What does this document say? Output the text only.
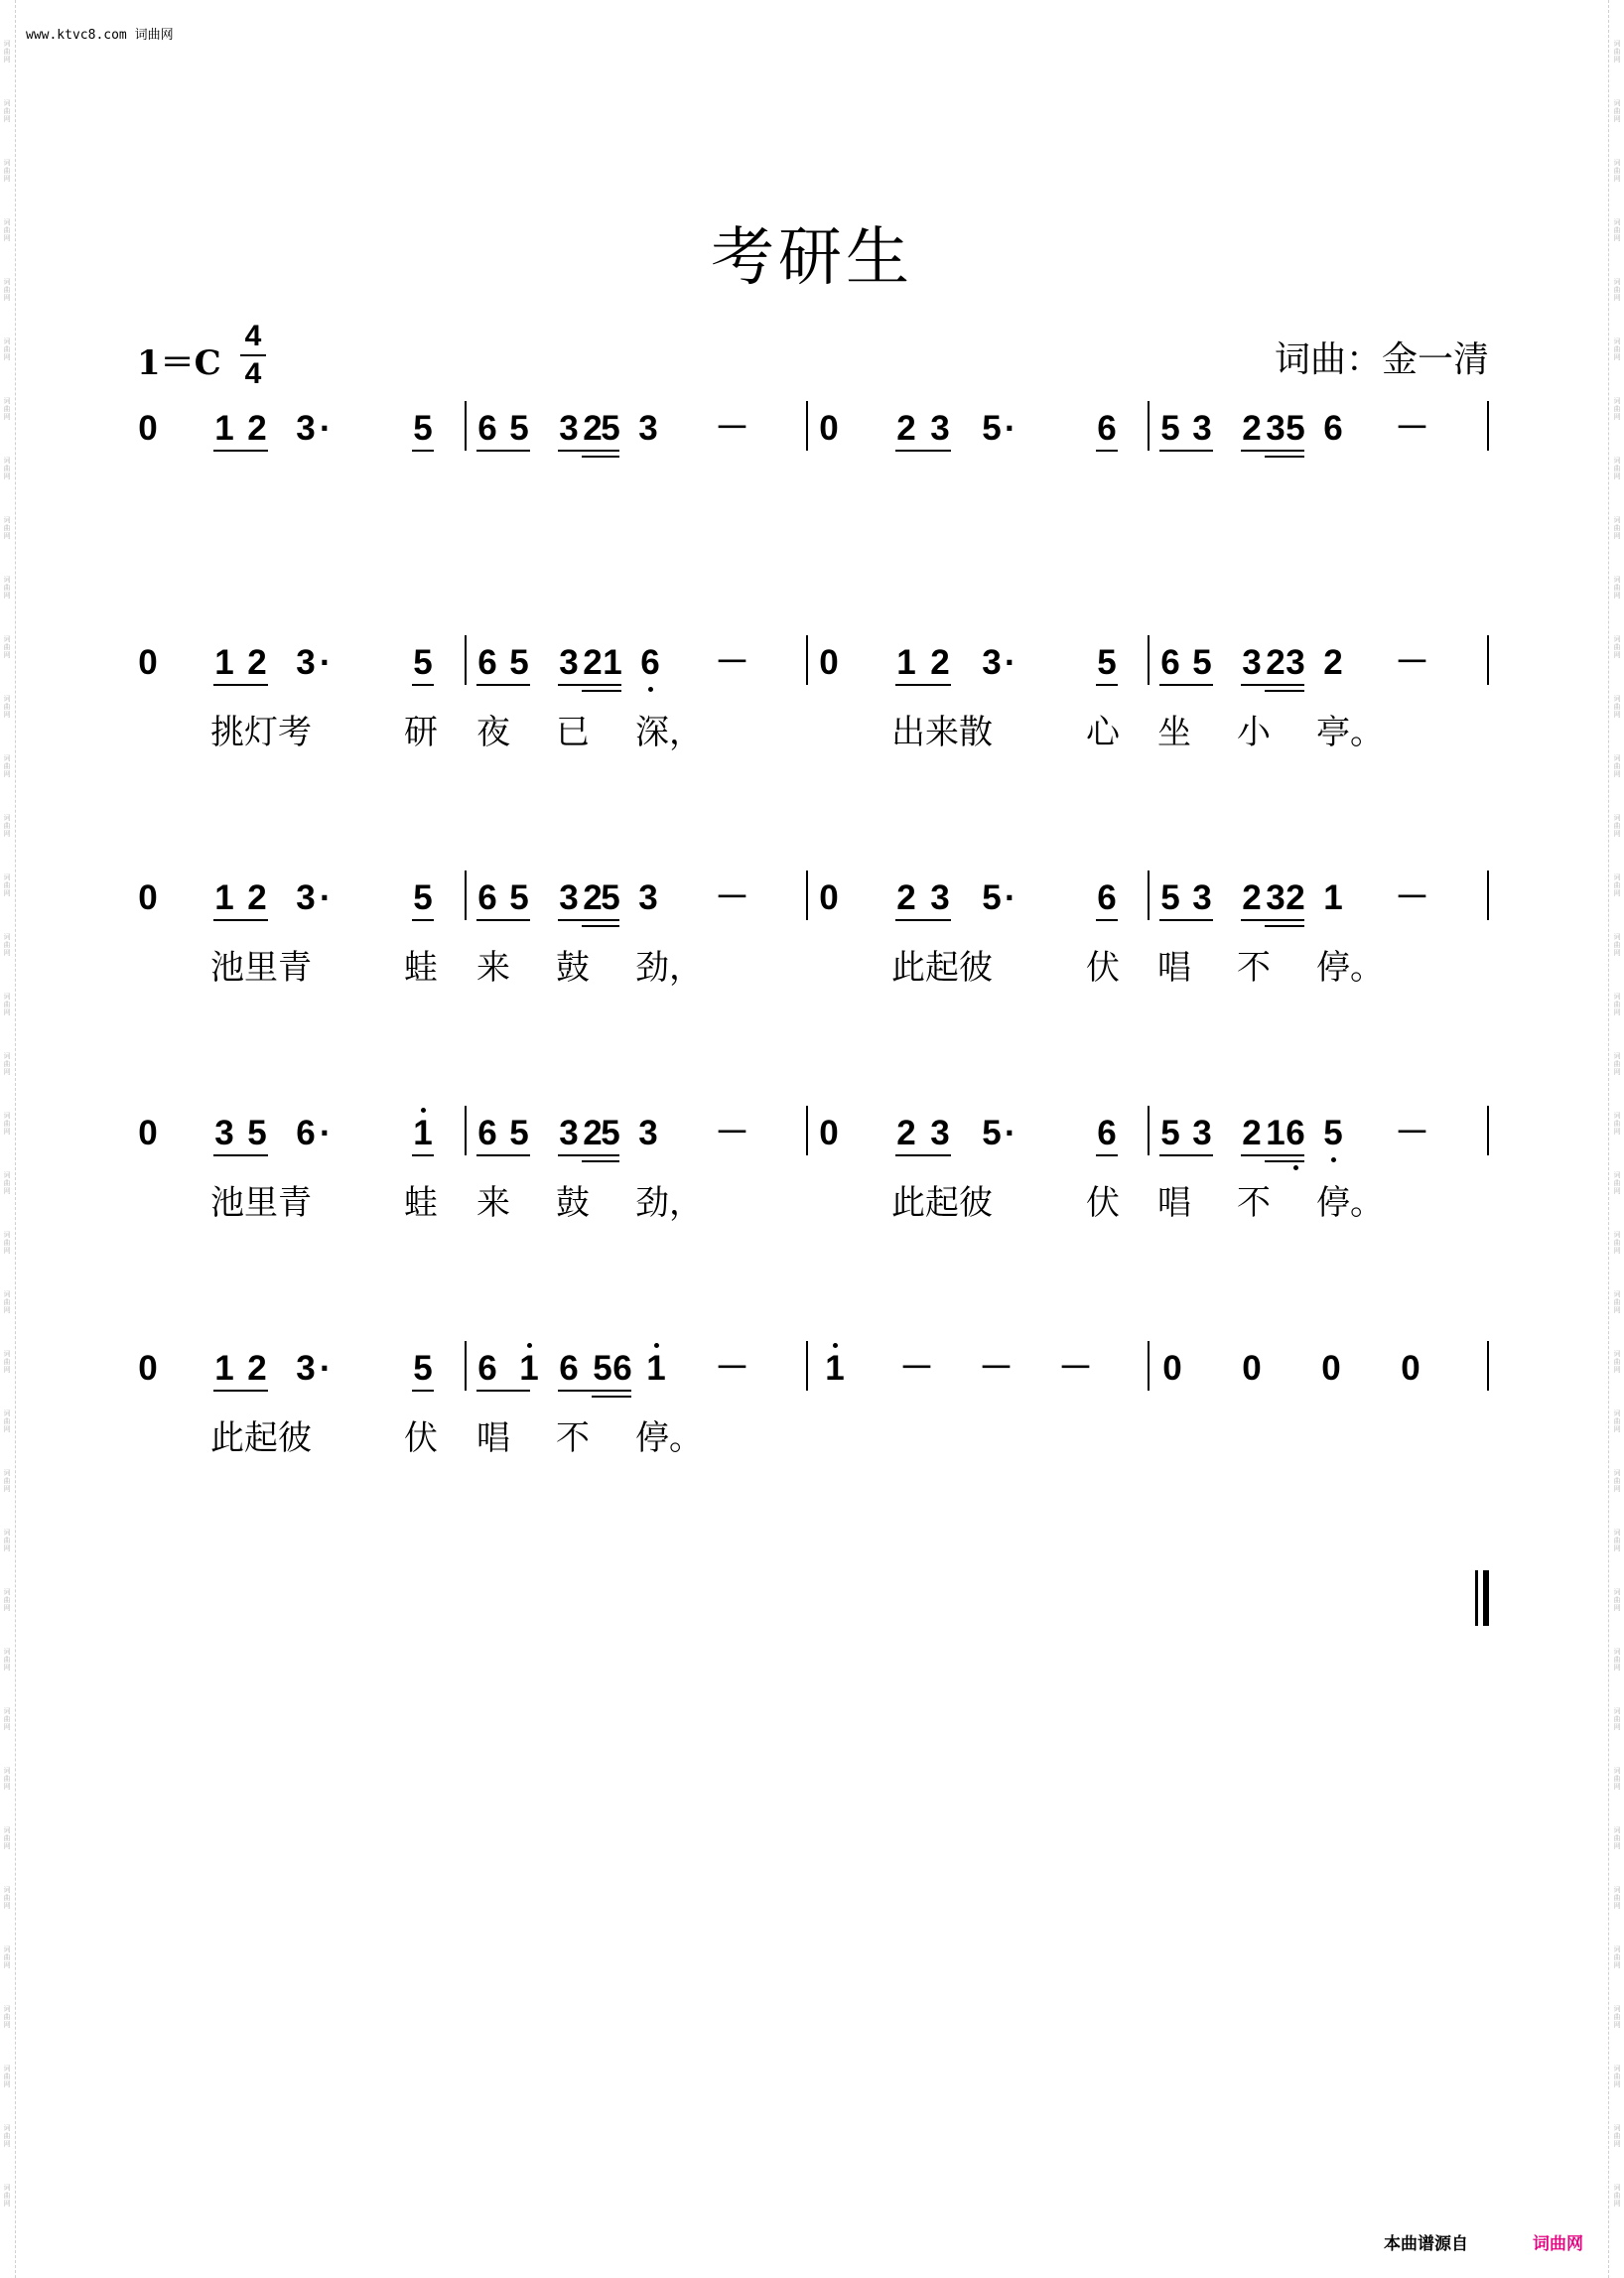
词曲网
词曲网
词曲网
词曲网
词曲网
词曲网
词曲网
词曲网
词曲网
词曲网
词曲网
词曲网
词曲网
词曲网
词曲网
词曲网
词曲网
词曲网
词曲网
词曲网
词曲网
词曲网
词曲网
词曲网
词曲网
词曲网
词曲网
词曲网
词曲网
词曲网
词曲网
词曲网
词曲网
词曲网
词曲网
词曲网
词曲网
词曲网
词曲网
词曲网
词曲网
词曲网
词曲网
词曲网
词曲网
词曲网
词曲网
词曲网
词曲网
词曲网
词曲网
词曲网
词曲网
词曲网
词曲网
词曲网
词曲网
词曲网
词曲网
词曲网
词曲网
词曲网
词曲网
词曲网
词曲网
词曲网
词曲网
词曲网
词曲网
词曲网
词曲网
词曲网
词曲网
词曲网
www.ktvc8.com 词曲网
考研生
1＝C
4
4	词曲：金一清
0 1 2 3 · 5 6 5 3 2
5 3 － 0 2 3 5 · 6 5 3 2 3 5 6 －
0 1 2 3 · 5 6 5 3 2 1 6 － 0 1 2 3 · 5 6 5 3 2 3 2 －
挑灯考	研 夜 已 深，	出来散	心 坐 小 亭。
0 1 2 3 · 5 6 5 3 2
5 3 － 0 2 3 5 · 6 5 3 2 3 2 1 －
池里青	蛙 来 鼓 劲，	此起彼	伏 唱 不 停。
0 3 5 6 · 1 6 5 3 2
5 3 － 0 2 3 5 · 6 5 3 2 1 6 5 －
池里青	蛙 来 鼓 劲，	此起彼	伏 唱 不 停。
0 1 2 3 · 5 6 1 6 5 6 1 － 1 － － － 0 0 0 0
此起彼	伏 唱 不 停。
本曲谱源自	词曲网
